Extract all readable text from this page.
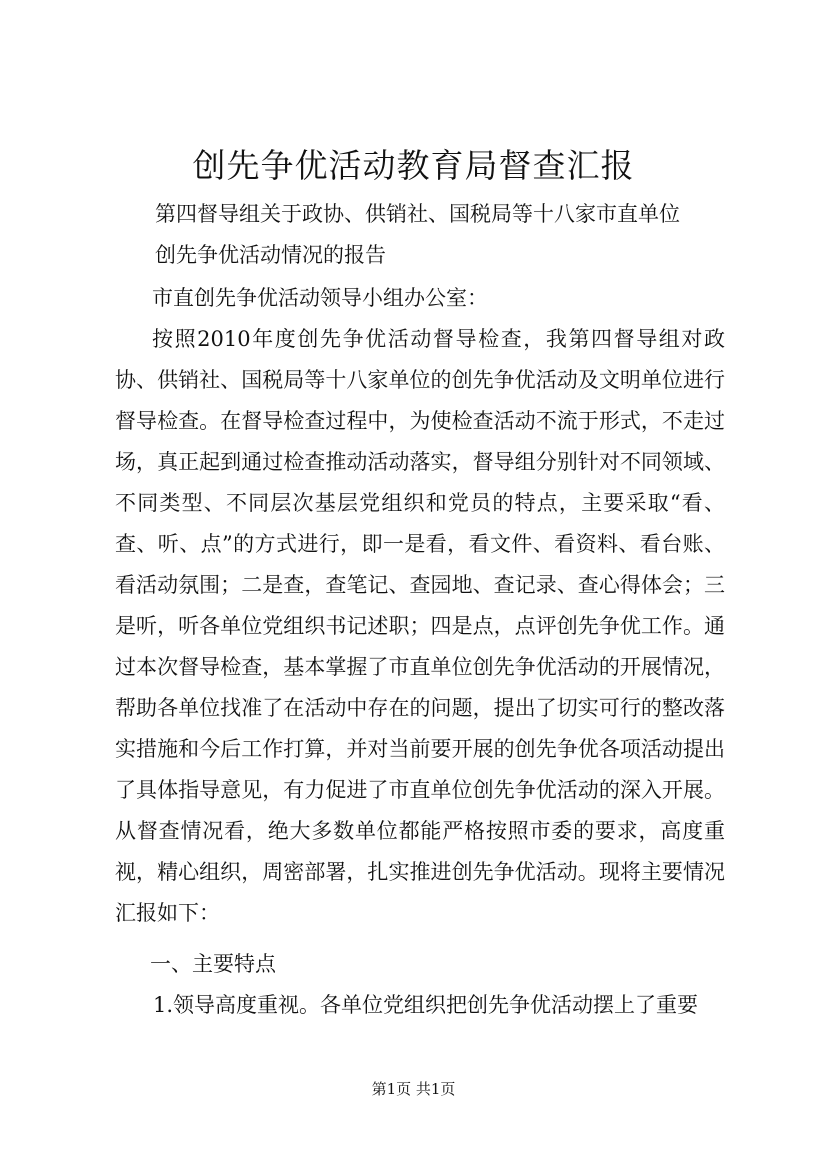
创先争优活动教育局督查汇报
第四督导组关于政协、供销社、国税局等十八家市直单位
创先争优活动情况的报告
市直创先争优活动领导小组办公室：
按照2010年度创先争优活动督导检查，我第四督导组对政协、供销社、国税局等十八家单位的创先争优活动及文明单位进行督导检查。在督导检查过程中，为使检查活动不流于形式，不走过场，真正起到通过检查推动活动落实，督导组分别针对不同领域、不同类型、不同层次基层党组织和党员的特点，主要采取“看、查、听、点”的方式进行，即一是看，看文件、看资料、看台账、看活动氛围；二是查，查笔记、查园地、查记录、查心得体会；三是听，听各单位党组织书记述职；四是点，点评创先争优工作。通过本次督导检查，基本掌握了市直单位创先争优活动的开展情况，帮助各单位找准了在活动中存在的问题，提出了切实可行的整改落实措施和今后工作打算，并对当前要开展的创先争优各项活动提出了具体指导意见，有力促进了市直单位创先争优活动的深入开展。从督查情况看，绝大多数单位都能严格按照市委的要求，高度重视，精心组织，周密部署，扎实推进创先争优活动。现将主要情况汇报如下：
一、主要特点
1.领导高度重视。各单位党组织把创先争优活动摆上了重要
第1页 共1页
